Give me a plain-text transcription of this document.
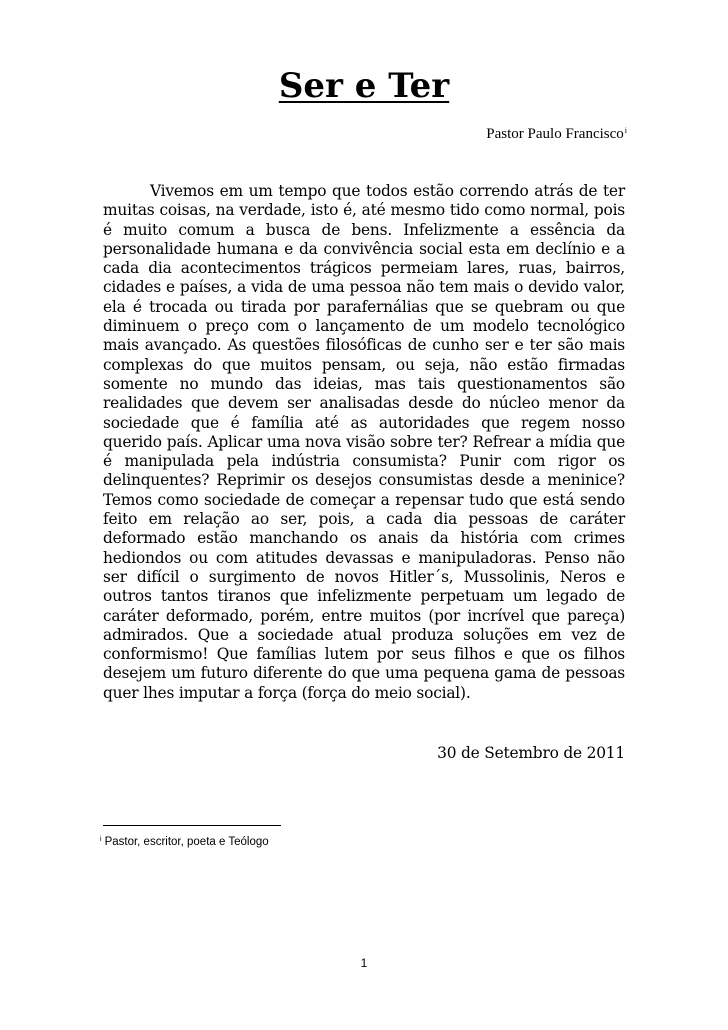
Ser e Ter
Pastor Paulo Francisco$^i$

Vivemos em um tempo que todos estão correndo atrás de ter muitas coisas, na verdade, isto é, até mesmo tido como normal, pois é muito comum a busca de bens. Infelizmente a essência da personalidade humana e da convivência social esta em declínio e a cada dia acontecimentos trágicos permeiam lares, ruas, bairros, cidades e países, a vida de uma pessoa não tem mais o devido valor, ela é trocada ou tirada por parafernálias que se quebram ou que diminuem o preço com o lançamento de um modelo tecnológico mais avançado. As questões filosóficas de cunho ser e ter são mais complexas do que muitos pensam, ou seja, não estão firmadas somente no mundo das ideias, mas tais questionamentos são realidades que devem ser analisadas desde do núcleo menor da sociedade que é família até as autoridades que regem nosso querido país. Aplicar uma nova visão sobre ter? Refrear a mídia que é manipulada pela indústria consumista? Punir com rigor os delinquentes? Reprimir os desejos consumistas desde a meninice? Temos como sociedade de começar a repensar tudo que está sendo feito em relação ao ser, pois, a cada dia pessoas de caráter deformado estão manchando os anais da história com crimes hediondos ou com atitudes devassas e manipuladoras. Penso não ser difícil o surgimento de novos Hitler´s, Mussolinis, Neros e outros tantos tiranos que infelizmente perpetuam um legado de caráter deformado, porém, entre muitos (por incrível que pareça) admirados. Que a sociedade atual produza soluções em vez de conformismo! Que famílias lutem por seus filhos e que os filhos desejem um futuro diferente do que uma pequena gama de pessoas quer lhes imputar a força (força do meio social).

30 de Setembro de 2011
$^i$ Pastor, escritor, poeta e Teólogo
1
